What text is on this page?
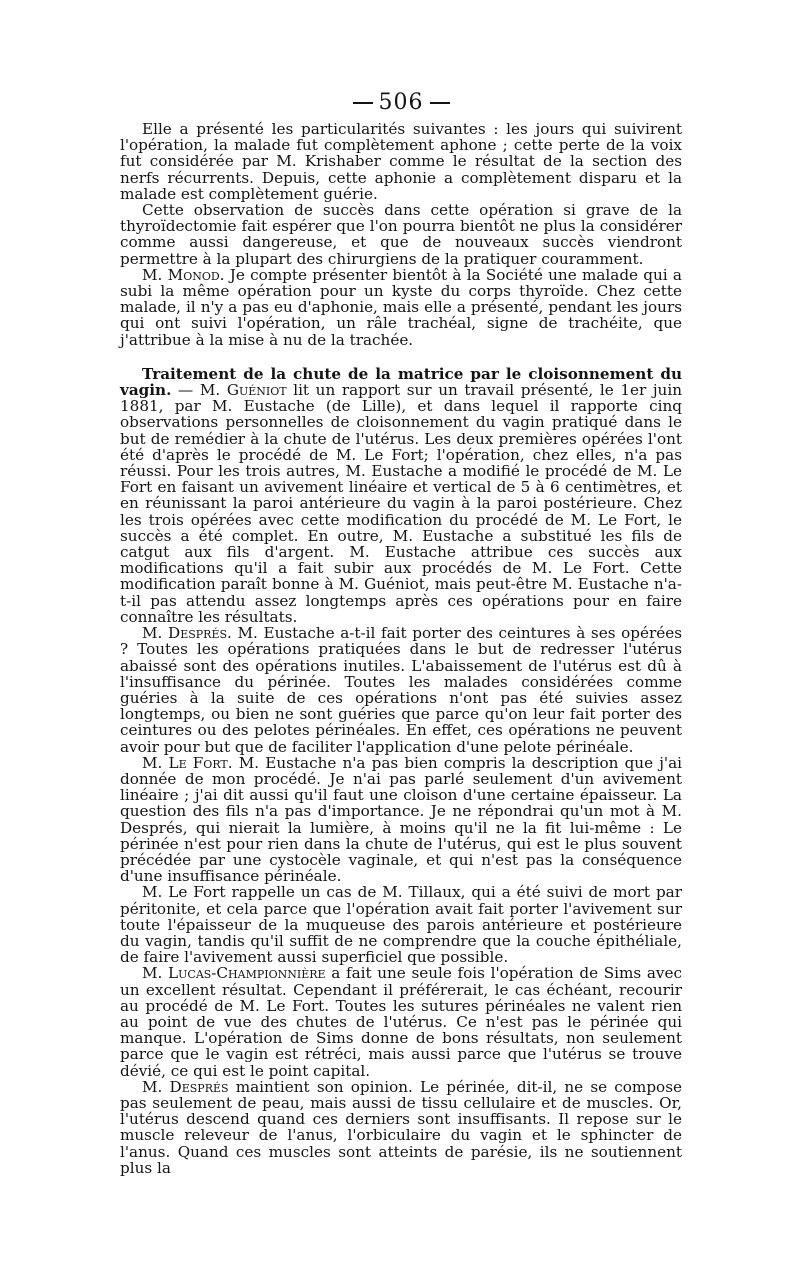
506

Elle a présenté les particularités suivantes : les jours qui suivirent l'opération, la malade fut complètement aphone ; cette perte de la voix fut considérée par M. Krishaber comme le résultat de la section des nerfs récurrents. Depuis, cette aphonie a complètement disparu et la malade est complètement guérie.

Cette observation de succès dans cette opération si grave de la thyroïdectomie fait espérer que l'on pourra bientôt ne plus la considérer comme aussi dangereuse, et que de nouveaux succès viendront permettre à la plupart des chirurgiens de la pratiquer couramment.

M. Monod. Je compte présenter bientôt à la Société une malade qui a subi la même opération pour un kyste du corps thyroïde. Chez cette malade, il n'y a pas eu d'aphonie, mais elle a présenté, pendant les jours qui ont suivi l'opération, un râle trachéal, signe de trachéite, que j'attribue à la mise à nu de la trachée.

Traitement de la chute de la matrice par le cloisonnement du vagin. — M. Guéniot lit un rapport sur un travail présenté, le 1er juin 1881, par M. Eustache (de Lille), et dans lequel il rapporte cinq observations personnelles de cloisonnement du vagin pratiqué dans le but de remédier à la chute de l'utérus. Les deux premières opérées l'ont été d'après le procédé de M. Le Fort; l'opération, chez elles, n'a pas réussi. Pour les trois autres, M. Eustache a modifié le procédé de M. Le Fort en faisant un avivement linéaire et vertical de 5 à 6 centimètres, et en réunissant la paroi antérieure du vagin à la paroi postérieure. Chez les trois opérées avec cette modification du procédé de M. Le Fort, le succès a été complet. En outre, M. Eustache a substitué les fils de catgut aux fils d'argent. M. Eustache attribue ces succès aux modifications qu'il a fait subir aux procédés de M. Le Fort. Cette modification paraît bonne à M. Guéniot, mais peut-être M. Eustache n'a-t-il pas attendu assez longtemps après ces opérations pour en faire connaître les résultats.

M. Després. M. Eustache a-t-il fait porter des ceintures à ses opérées ? Toutes les opérations pratiquées dans le but de redresser l'utérus abaissé sont des opérations inutiles. L'abaissement de l'utérus est dû à l'insuffisance du périnée. Toutes les malades considérées comme guéries à la suite de ces opérations n'ont pas été suivies assez longtemps, ou bien ne sont guéries que parce qu'on leur fait porter des ceintures ou des pelotes périnéales. En effet, ces opérations ne peuvent avoir pour but que de faciliter l'application d'une pelote périnéale.

M. Le Fort. M. Eustache n'a pas bien compris la description que j'ai donnée de mon procédé. Je n'ai pas parlé seulement d'un avivement linéaire ; j'ai dit aussi qu'il faut une cloison d'une certaine épaisseur. La question des fils n'a pas d'importance. Je ne répondrai qu'un mot à M. Després, qui nierait la lumière, à moins qu'il ne la fit lui-même : Le périnée n'est pour rien dans la chute de l'utérus, qui est le plus souvent précédée par une cystocèle vaginale, et qui n'est pas la conséquence d'une insuffisance périnéale.

M. Le Fort rappelle un cas de M. Tillaux, qui a été suivi de mort par péritonite, et cela parce que l'opération avait fait porter l'avivement sur toute l'épaisseur de la muqueuse des parois antérieure et postérieure du vagin, tandis qu'il suffit de ne comprendre que la couche épithéliale, de faire l'avivement aussi superficiel que possible.

M. Lucas-Championnière a fait une seule fois l'opération de Sims avec un excellent résultat. Cependant il préférerait, le cas échéant, recourir au procédé de M. Le Fort. Toutes les sutures périnéales ne valent rien au point de vue des chutes de l'utérus. Ce n'est pas le périnée qui manque. L'opération de Sims donne de bons résultats, non seulement parce que le vagin est rétréci, mais aussi parce que l'utérus se trouve dévié, ce qui est le point capital.

M. Després maintient son opinion. Le périnée, dit-il, ne se compose pas seulement de peau, mais aussi de tissu cellulaire et de muscles. Or, l'utérus descend quand ces derniers sont insuffisants. Il repose sur le muscle releveur de l'anus, l'orbiculaire du vagin et le sphincter de l'anus. Quand ces muscles sont atteints de parésie, ils ne soutiennent plus la
